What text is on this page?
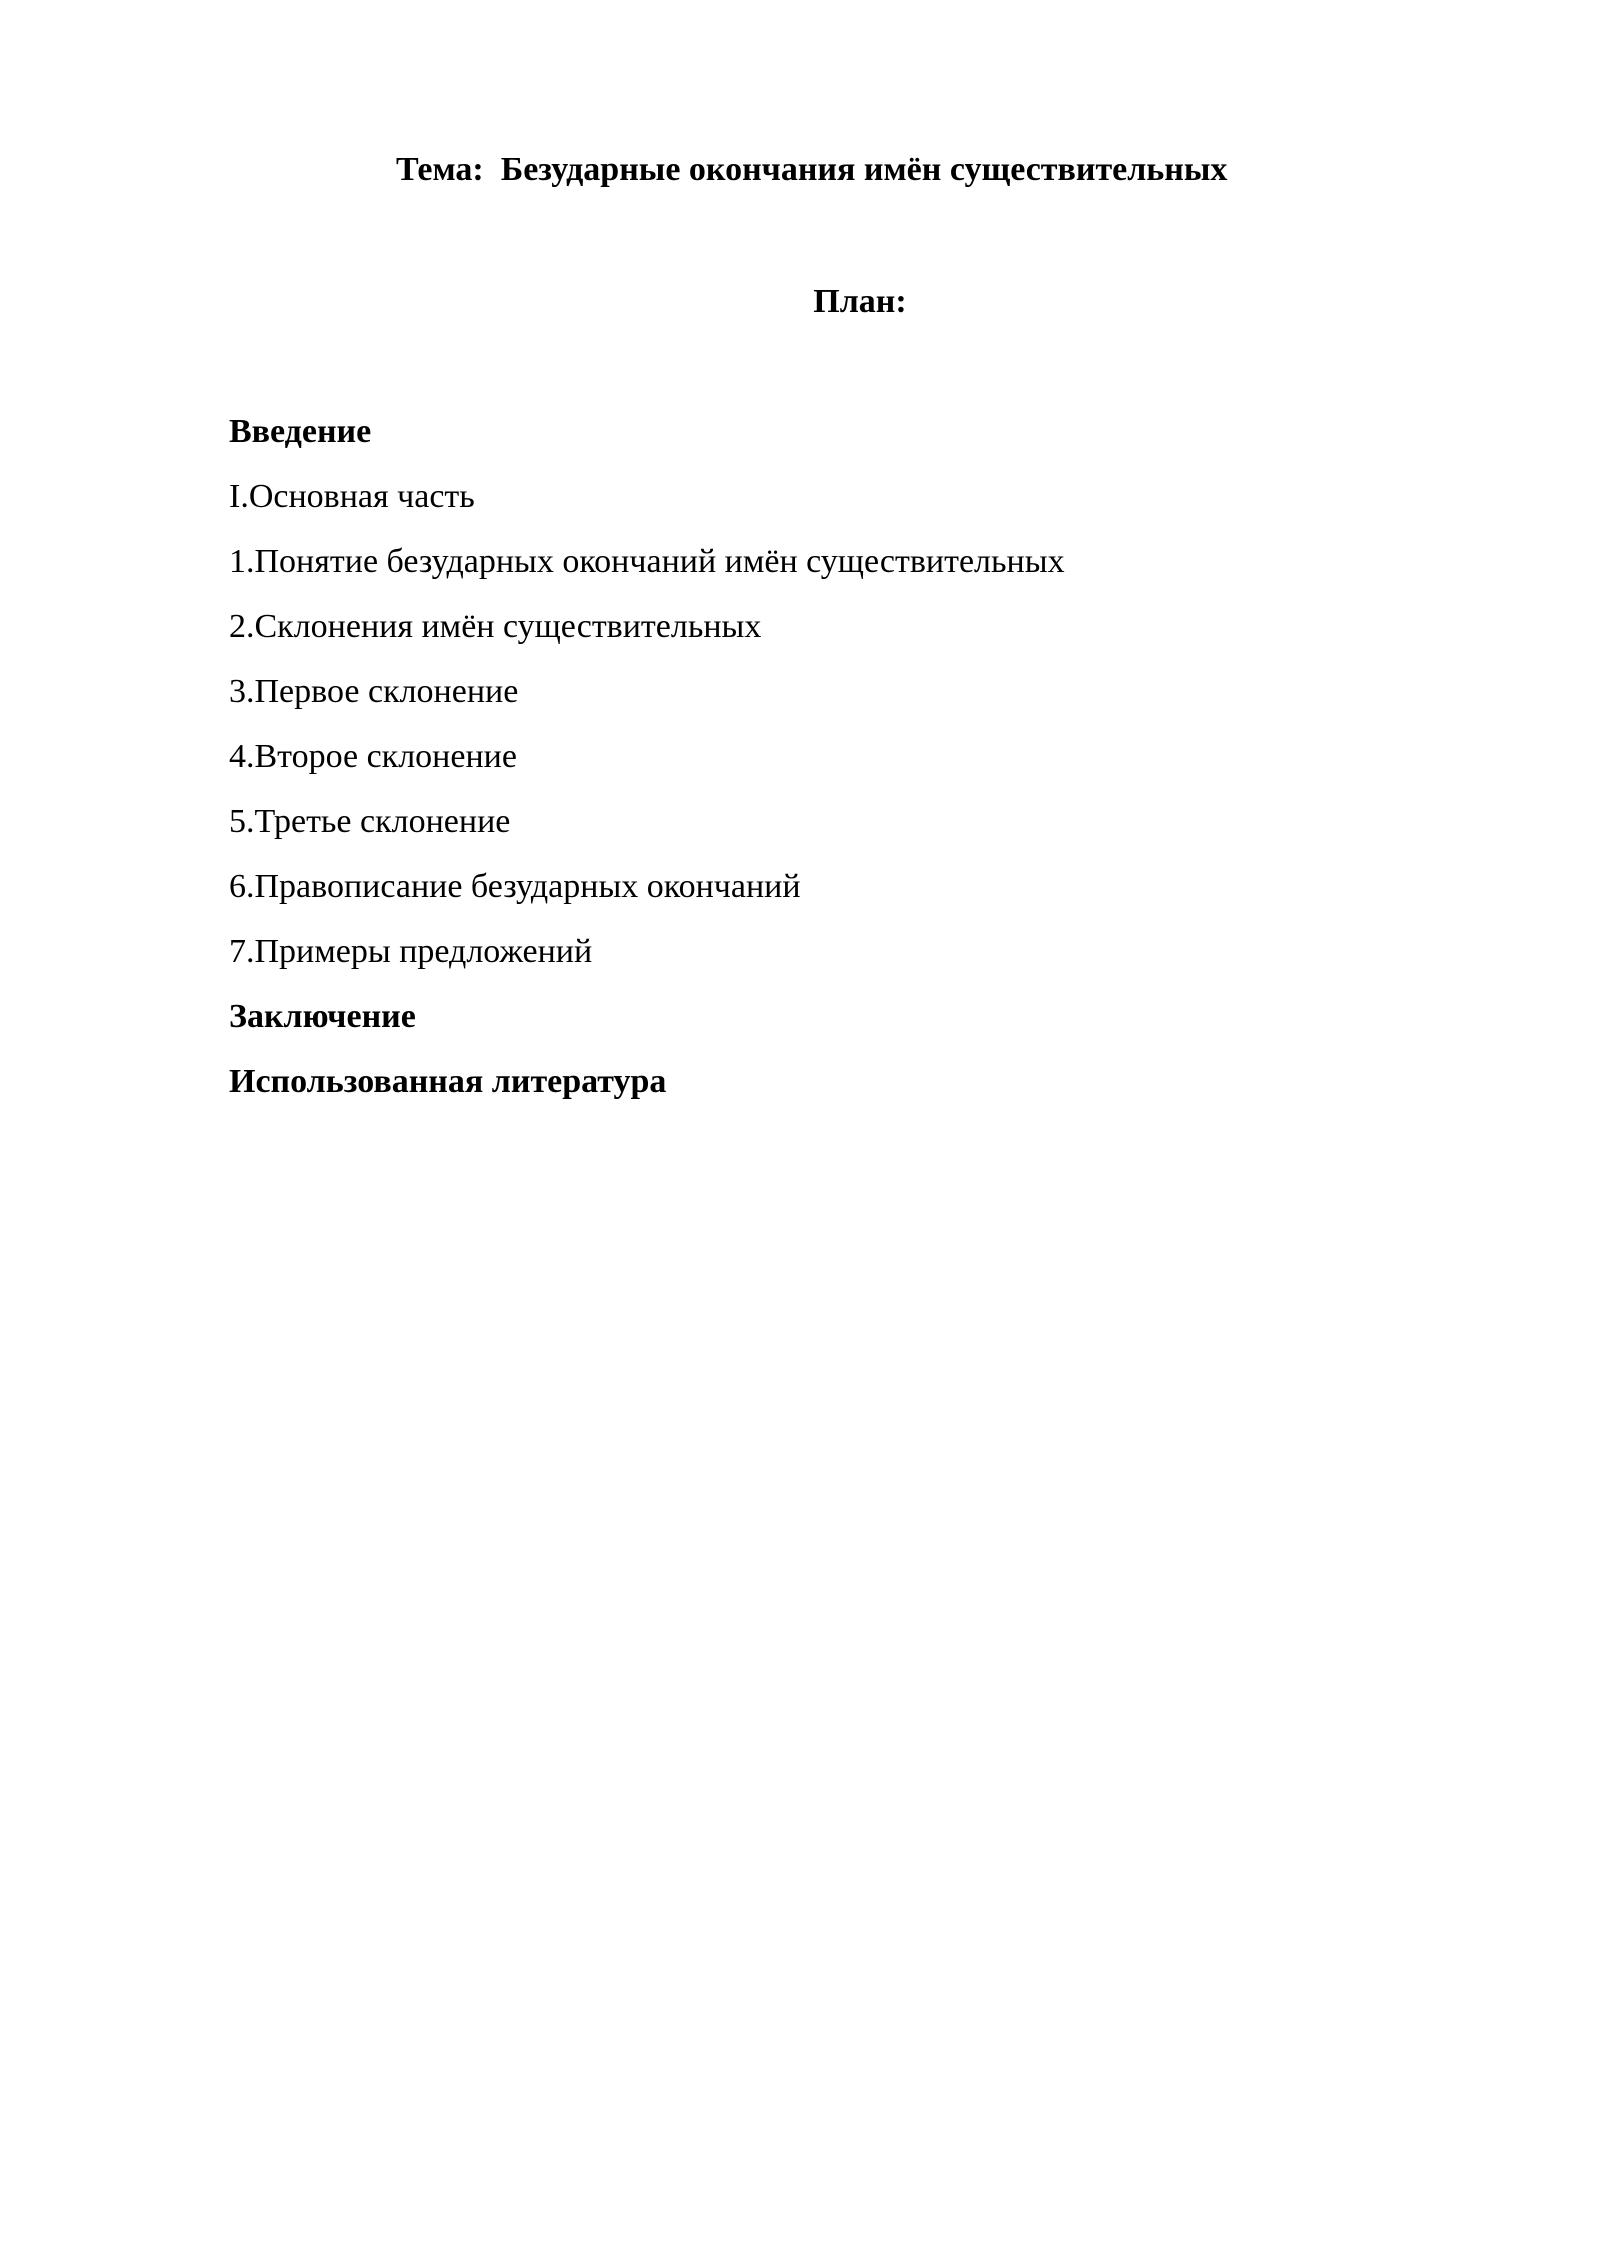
Тема:  Безударные окончания имён существительных
План:
Введение
I.Основная часть
1.Понятие безударных окончаний имён существительных
2.Склонения имён существительных
3.Первое склонение
4.Второе склонение
5.Третье склонение
6.Правописание безударных окончаний
7.Примеры предложений
Заключение
Использованная литература
